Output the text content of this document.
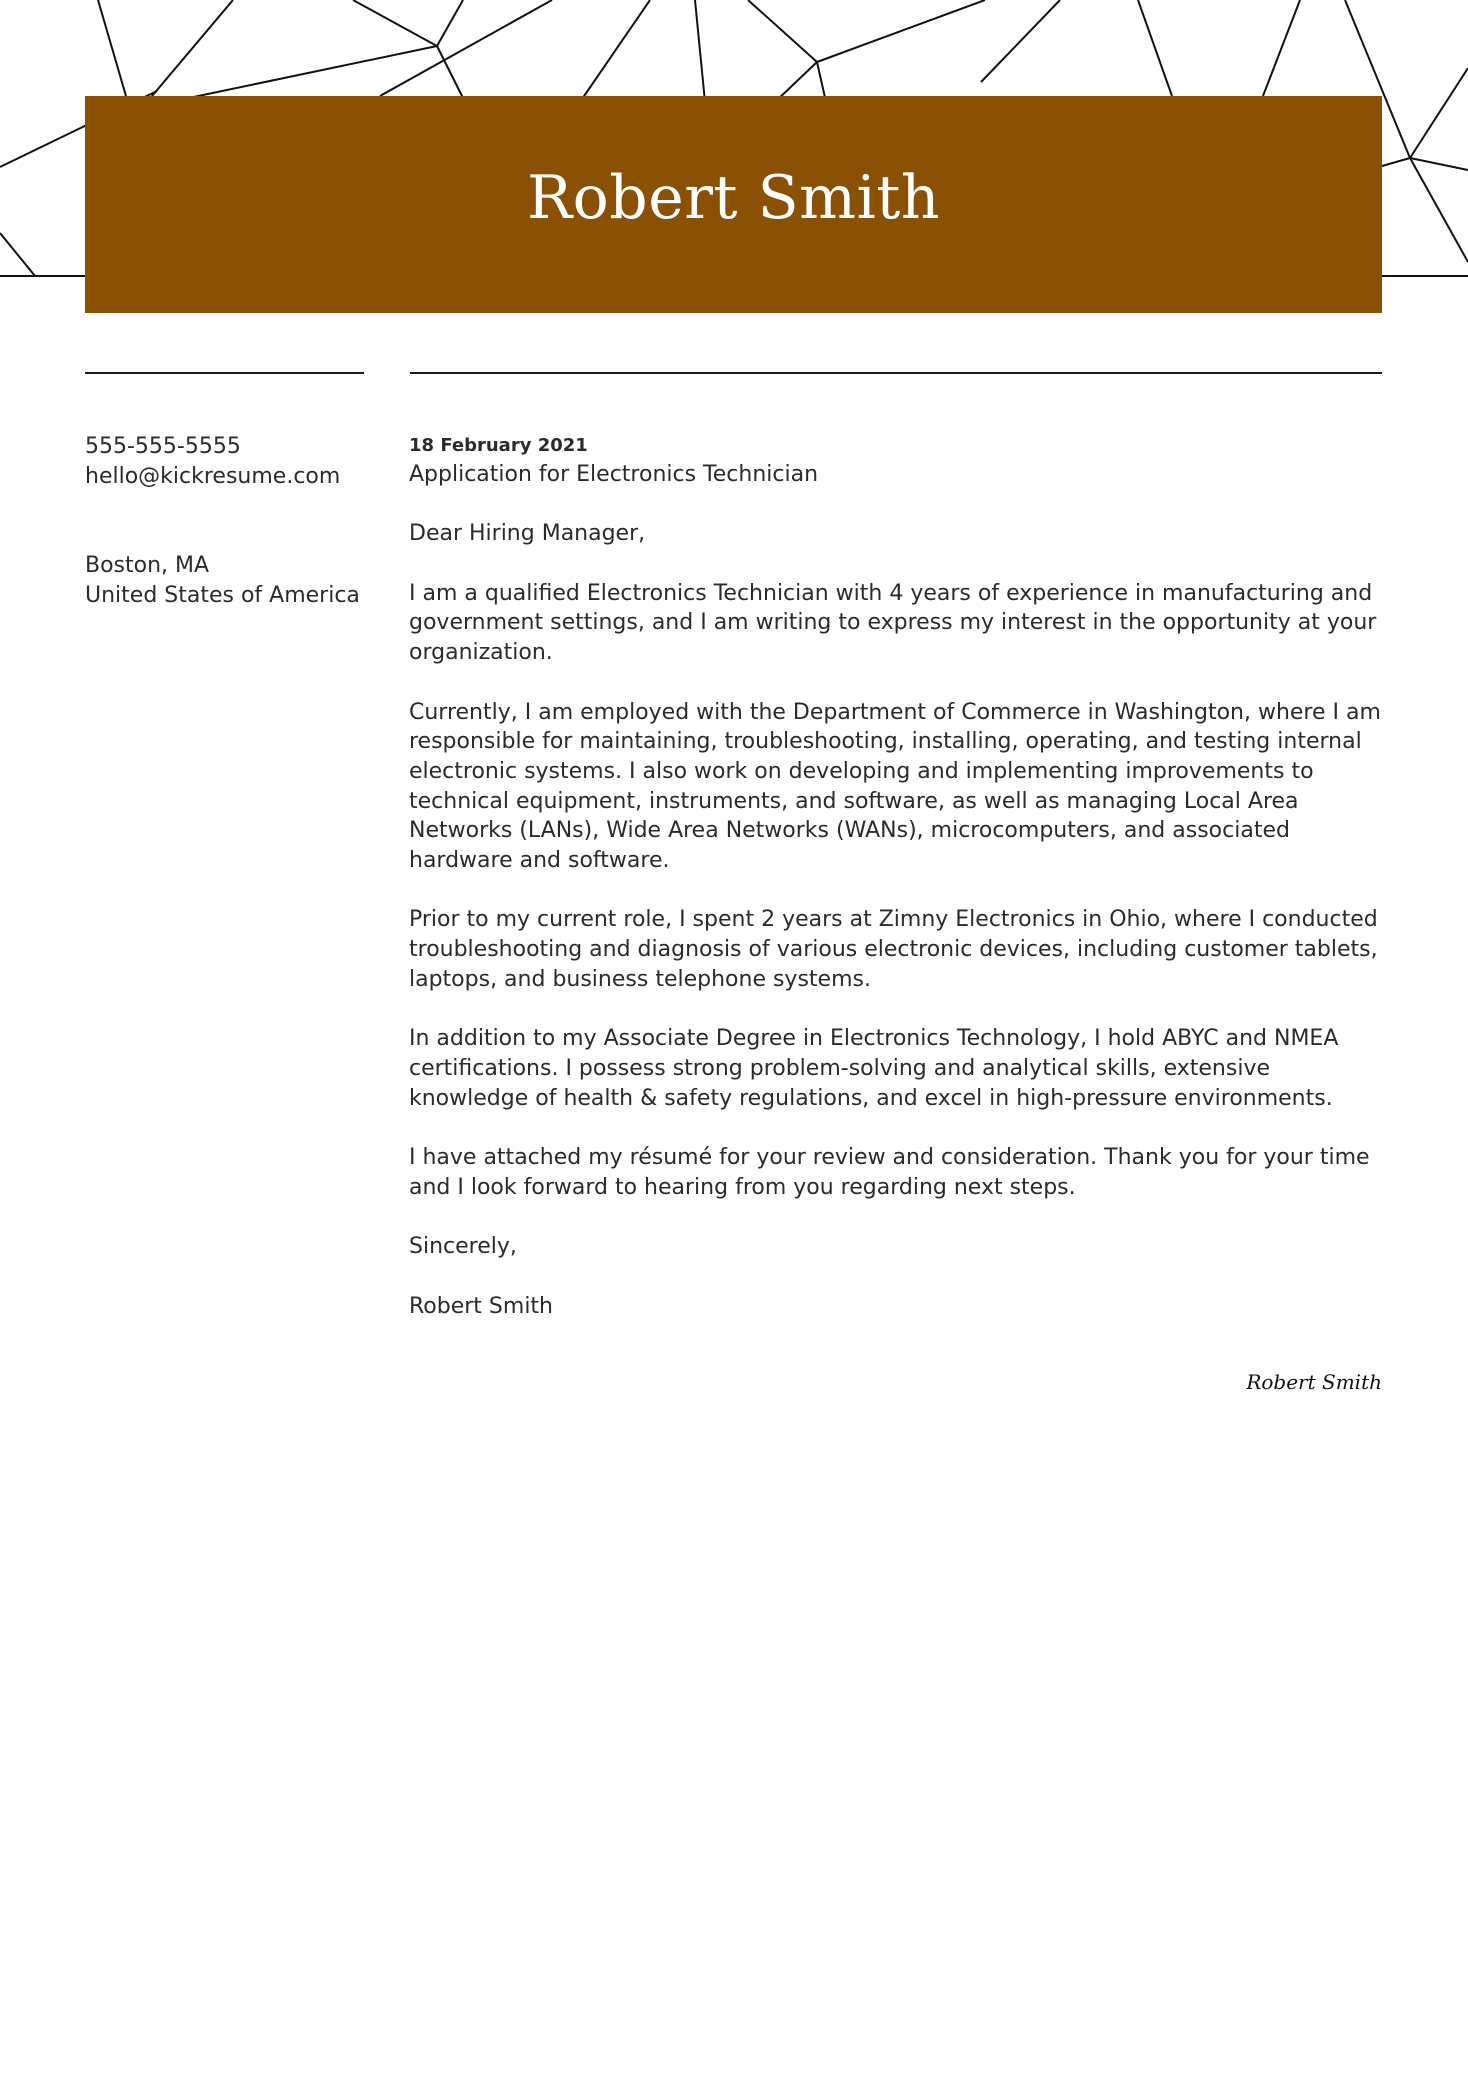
Robert Smith
555-555-5555
hello@kickresume.com
Boston, MA
United States of America
18 February 2021
Application for Electronics Technician

Dear Hiring Manager,

I am a qualified Electronics Technician with 4 years of experience in manufacturing and government settings, and I am writing to express my interest in the opportunity at your organization.

Currently, I am employed with the Department of Commerce in Washington, where I am responsible for maintaining, troubleshooting, installing, operating, and testing internal electronic systems. I also work on developing and implementing improvements to technical equipment, instruments, and software, as well as managing Local Area Networks (LANs), Wide Area Networks (WANs), microcomputers, and associated hardware and software.

Prior to my current role, I spent 2 years at Zimny Electronics in Ohio, where I conducted troubleshooting and diagnosis of various electronic devices, including customer tablets, laptops, and business telephone systems.

In addition to my Associate Degree in Electronics Technology, I hold ABYC and NMEA certifications. I possess strong problem-solving and analytical skills, extensive knowledge of health & safety regulations, and excel in high-pressure environments.

I have attached my résumé for your review and consideration. Thank you for your time and I look forward to hearing from you regarding next steps.

Sincerely,

Robert Smith

Robert Smith
